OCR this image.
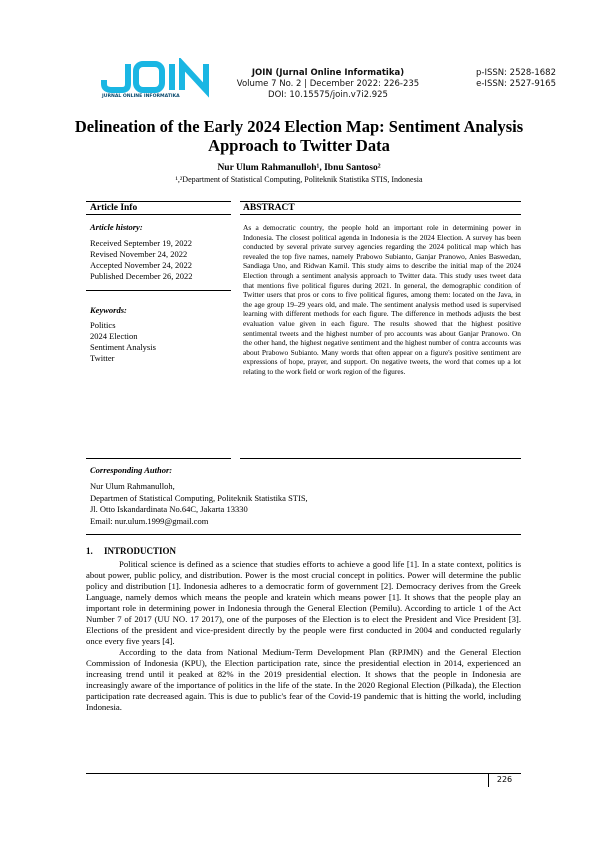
JURNAL ONLINE INFORMATIKA
JOIN (Jurnal Online Informatika)
Volume 7 No. 2 | December 2022: 226-235
DOI: 10.15575/join.v7i2.925
p-ISSN: 2528-1682
e-ISSN: 2527-9165
Delineation of the Early 2024 Election Map: Sentiment Analysis
Approach to Twitter Data
Nur Ulum Rahmanulloh¹, Ibnu Santoso²
¹,²Department of Statistical Computing, Politeknik Statistika STIS, Indonesia
Article Info	ABSTRACT
Article history:
Received September 19, 2022
Revised November 24, 2022
Accepted November 24, 2022
Published December 26, 2022
Keywords:
Politics
2024 Election
Sentiment Analysis
Twitter
As a democratic country, the people hold an important role in determining power in Indonesia. The closest political agenda in Indonesia is the 2024 Election. A survey has been conducted by several private survey agencies regarding the 2024 political map which has revealed the top five names, namely Prabowo Subianto, Ganjar Pranowo, Anies Baswedan, Sandiaga Uno, and Ridwan Kamil. This study aims to describe the initial map of the 2024 Election through a sentiment analysis approach to Twitter data. This study uses tweet data that mentions five political figures during 2021. In general, the demographic condition of Twitter users that pros or cons to five political figures, among them: located on the Java, in the age group 19–29 years old, and male. The sentiment analysis method used is supervised learning with different methods for each figure. The difference in methods adjusts the best evaluation value given in each figure. The results showed that the highest positive sentimental tweets and the highest number of pro accounts was about Ganjar Pranowo. On the other hand, the highest negative sentiment and the highest number of contra accounts was about Prabowo Subianto. Many words that often appear on a figure's positive sentiment are expressions of hope, prayer, and support. On negative tweets, the word that comes up a lot relating to the work field or work region of the figures.
Corresponding Author:
Nur Ulum Rahmanulloh,
Departmen of Statistical Computing, Politeknik Statistika STIS,
Jl. Otto Iskandardinata No.64C, Jakarta 13330
Email: nur.ulum.1999@gmail.com
1.     INTRODUCTION

Political science is defined as a science that studies efforts to achieve a good life [1]. In a state context, politics is about power, public policy, and distribution. Power is the most crucial concept in politics. Power will determine the public policy and distribution [1]. Indonesia adheres to a democratic form of government [2]. Democracy derives from the Greek Language, namely demos which means the people and kratein which means power [1]. It shows that the people play an important role in determining power in Indonesia through the General Election (Pemilu). According to article 1 of the Act Number 7 of 2017 (UU NO. 17 2017), one of the purposes of the Election is to elect the President and Vice President [3]. Elections of the president and vice-president directly by the people were first conducted in 2004 and conducted regularly once every five years [4].

According to the data from National Medium-Term Development Plan (RPJMN) and the General Election Commission of Indonesia (KPU), the Election participation rate, since the presidential election in 2014, experienced an increasing trend until it peaked at 82% in the 2019 presidential election. It shows that the people in Indonesia are increasingly aware of the importance of politics in the life of the state. In the 2020 Regional Election (Pilkada), the Election participation rate decreased again. This is due to public's fear of the Covid-19 pandemic that is hitting the world, including Indonesia.

226
